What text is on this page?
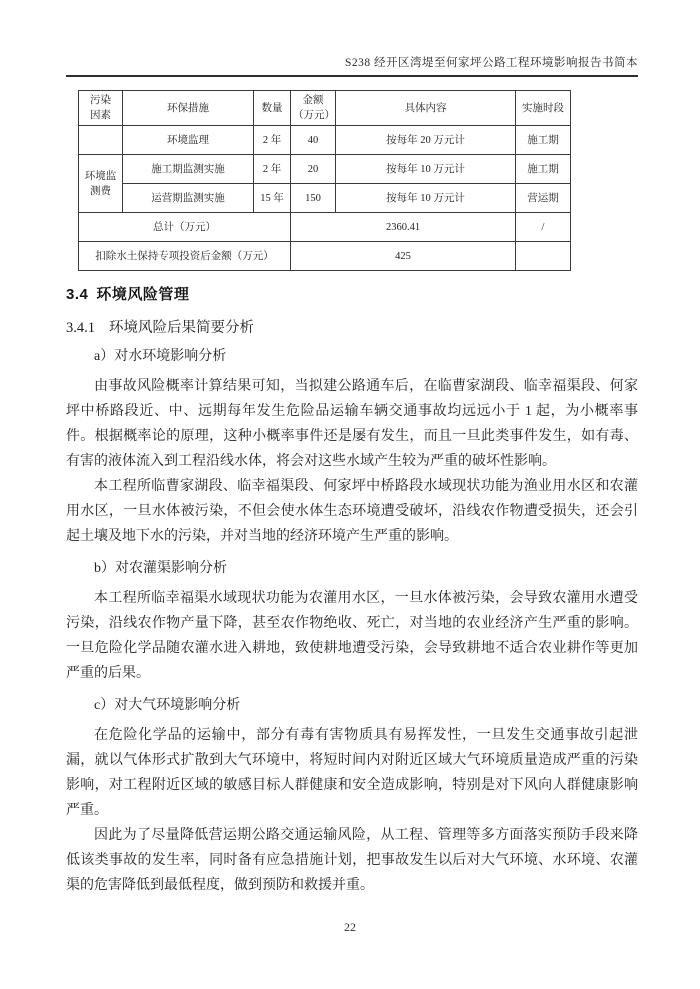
S238 经开区湾堤至何家坪公路工程环境影响报告书简本
污染因素	环保措施	数量	金额（万元）	具体内容	实施时段
	环境监理	2 年	40	按每年 20 万元计	施工期
环境监测费	施工期监测实施	2 年	20	按每年 10 万元计	施工期
	运营期监测实施	15 年	150	按每年 10 万元计	营运期
总计（万元）			2360.41		/
扣除水土保持专项投资后金额（万元）			425		
3.4 环境风险管理
3.4.1 环境风险后果简要分析
a）对水环境影响分析

由事故风险概率计算结果可知，当拟建公路通车后，在临曹家湖段、临幸福渠段、何家坪中桥路段近、中、远期每年发生危险品运输车辆交通事故均远远小于 1 起，为小概率事件。根据概率论的原理，这种小概率事件还是屡有发生，而且一旦此类事件发生，如有毒、有害的液体流入到工程沿线水体，将会对这些水域产生较为严重的破坏性影响。

本工程所临曹家湖段、临幸福渠段、何家坪中桥路段水域现状功能为渔业用水区和农灌用水区，一旦水体被污染，不但会使水体生态环境遭受破坏，沿线农作物遭受损失，还会引起土壤及地下水的污染，并对当地的经济环境产生严重的影响。

b）对农灌渠影响分析

本工程所临幸福渠水域现状功能为农灌用水区，一旦水体被污染，会导致农灌用水遭受污染，沿线农作物产量下降，甚至农作物绝收、死亡，对当地的农业经济产生严重的影响。一旦危险化学品随农灌水进入耕地，致使耕地遭受污染，会导致耕地不适合农业耕作等更加严重的后果。

c）对大气环境影响分析

在危险化学品的运输中，部分有毒有害物质具有易挥发性，一旦发生交通事故引起泄漏，就以气体形式扩散到大气环境中，将短时间内对附近区域大气环境质量造成严重的污染影响，对工程附近区域的敏感目标人群健康和安全造成影响，特别是对下风向人群健康影响严重。

因此为了尽量降低营运期公路交通运输风险，从工程、管理等多方面落实预防手段来降低该类事故的发生率，同时备有应急措施计划，把事故发生以后对大气环境、水环境、农灌渠的危害降低到最低程度，做到预防和救援并重。

22
